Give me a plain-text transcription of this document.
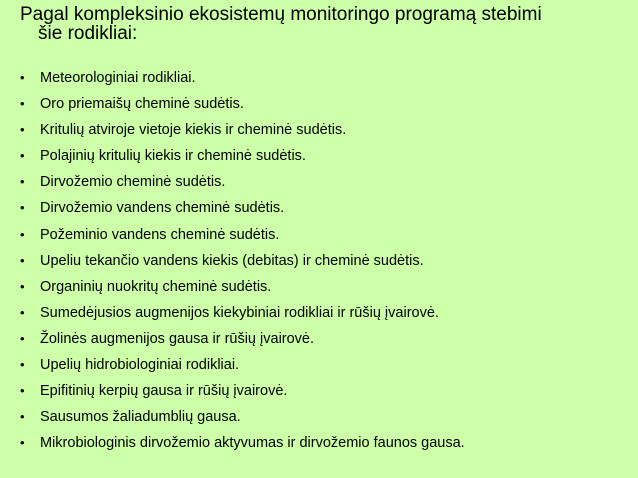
Pagal kompleksinio ekosistemų monitoringo programą stebimi
šie rodikliai:
•	Meteorologiniai rodikliai.
•	Oro priemaišų cheminė sudėtis.
•	Kritulių atviroje vietoje kiekis ir cheminė sudėtis.
•	Polajinių kritulių kiekis ir cheminė sudėtis.
•	Dirvožemio cheminė sudėtis.
•	Dirvožemio vandens cheminė sudėtis.
•	Požeminio vandens cheminė sudėtis.
•	Upeliu tekančio vandens kiekis (debitas) ir cheminė sudėtis.
•	Organinių nuokritų cheminė sudėtis.
•	Sumedėjusios augmenijos kiekybiniai rodikliai ir rūšių įvairovė.
•	Žolinės augmenijos gausa ir rūšių įvairovė.
•	Upelių hidrobiologiniai rodikliai.
•	Epifitinių kerpių gausa ir rūšių įvairovė.
•	Sausumos žaliadumblių gausa.
•	Mikrobiologinis dirvožemio aktyvumas ir dirvožemio faunos gausa.
